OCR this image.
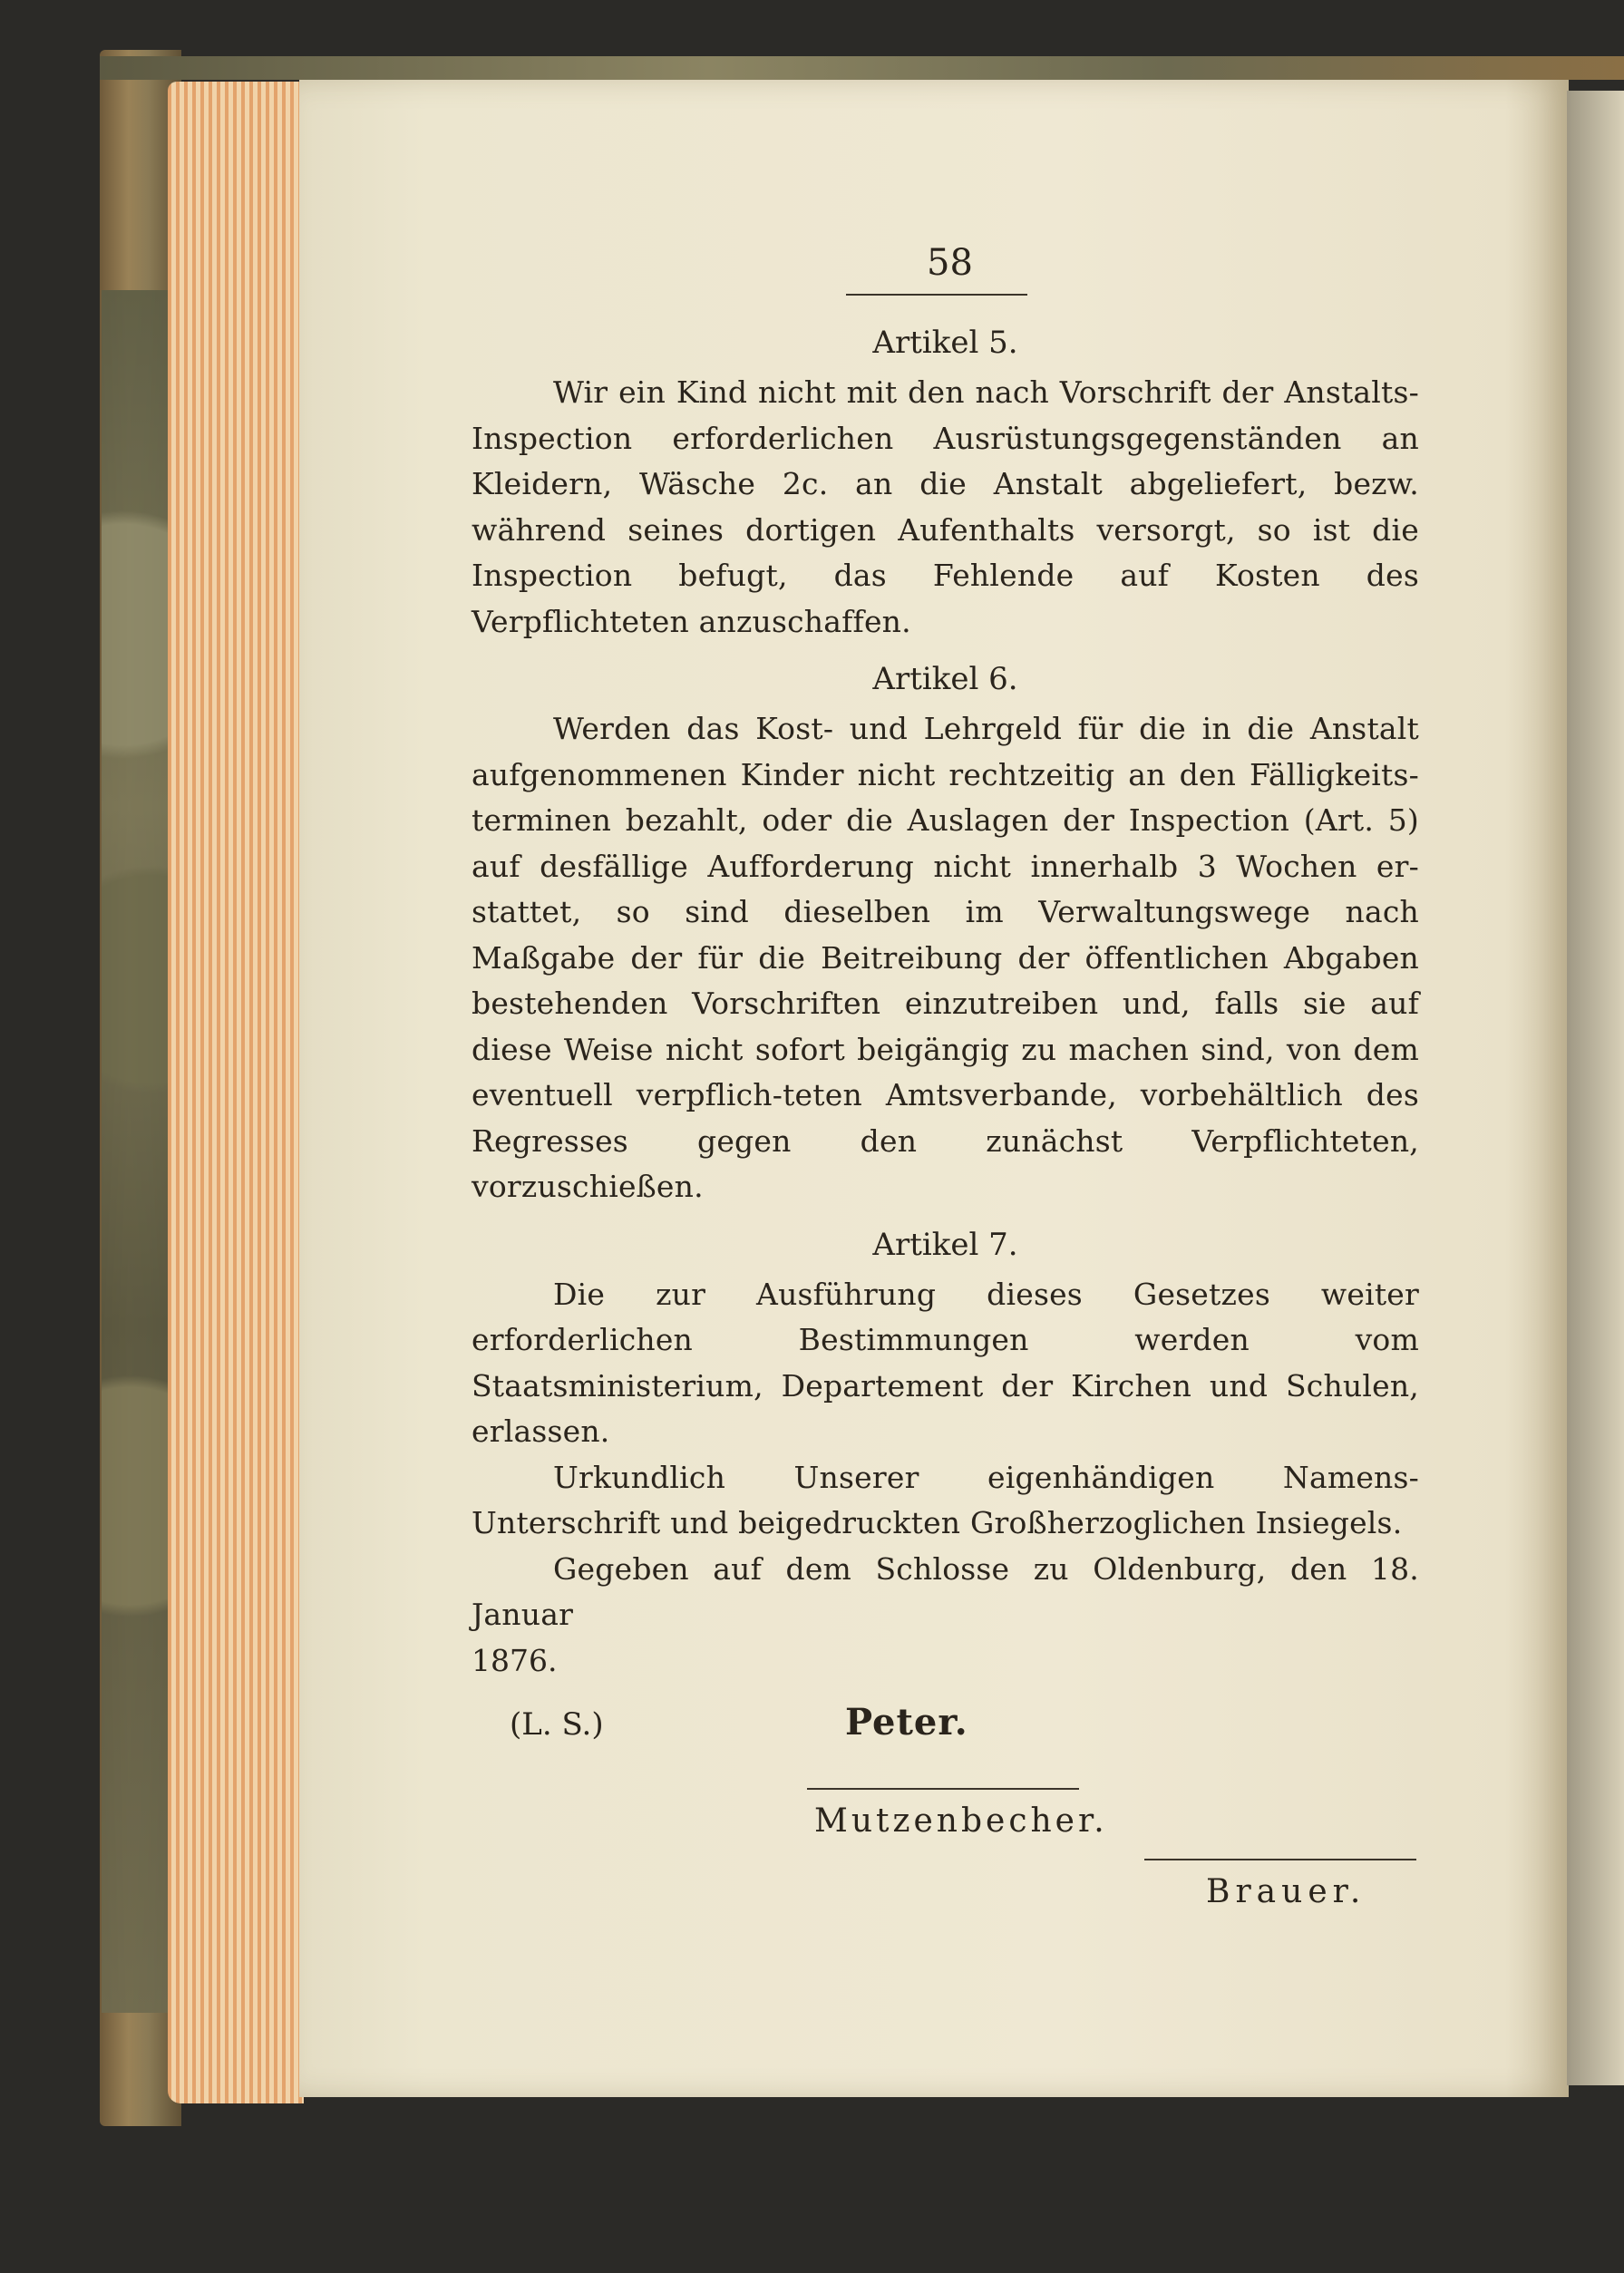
58
Artikel 5.

Wir ein Kind nicht mit den nach Vorschrift der Anstalts-Inspection erforderlichen Ausrüstungsgegenständen an Kleidern, Wäsche 2c. an die Anstalt abgeliefert, bezw. während seines dortigen Aufenthalts versorgt, so ist die Inspection befugt, das Fehlende auf Kosten des Verpflichteten anzuschaffen.

Artikel 6.

Werden das Kost- und Lehrgeld für die in die Anstalt aufgenommenen Kinder nicht rechtzeitig an den Fälligkeits-terminen bezahlt, oder die Auslagen der Inspection (Art. 5) auf desfällige Aufforderung nicht innerhalb 3 Wochen er-stattet, so sind dieselben im Verwaltungswege nach Maßgabe der für die Beitreibung der öffentlichen Abgaben bestehenden Vorschriften einzutreiben und, falls sie auf diese Weise nicht sofort beigängig zu machen sind, von dem eventuell verpflich-teten Amtsverbande, vorbehältlich des Regresses gegen den zunächst Verpflichteten, vorzuschießen.

Artikel 7.

Die zur Ausführung dieses Gesetzes weiter erforderlichen Bestimmungen werden vom Staatsministerium, Departement der Kirchen und Schulen, erlassen.

Urkundlich Unserer eigenhändigen Namens-Unterschrift und beigedruckten Großherzoglichen Insiegels.

Gegeben auf dem Schlosse zu Oldenburg, den 18. Januar

1876.

(L. S.)	Peter.
Mutzenbecher.
Brauer.
